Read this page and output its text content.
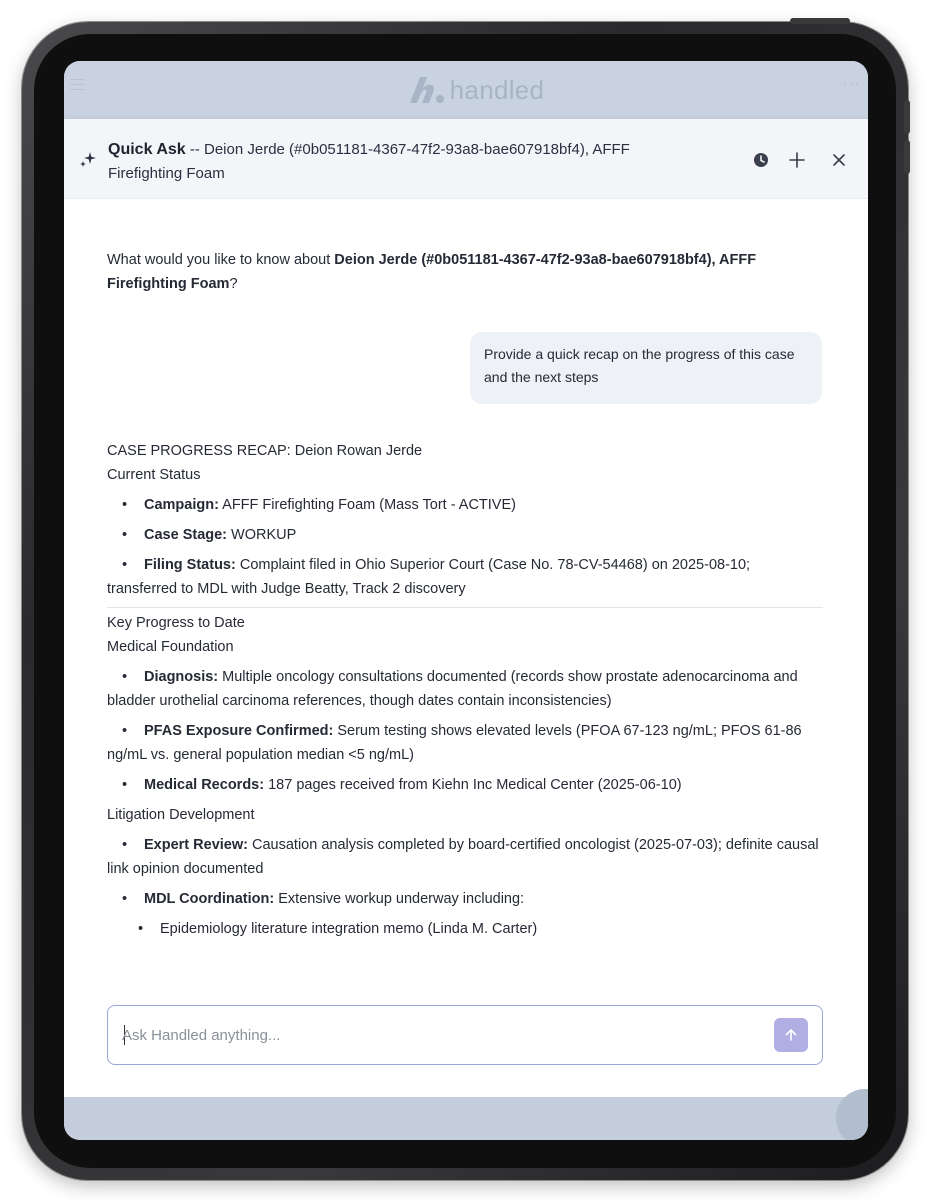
handled	···
Quick Ask -- Deion Jerde (#0b051181-4367-47f2-93a8-bae607918bf4), AFFF Firefighting Foam
What would you like to know about Deion Jerde (#0b051181-4367-47f2-93a8-bae607918bf4), AFFF Firefighting Foam?
Provide a quick recap on the progress of this case and the next steps
CASE PROGRESS RECAP: Deion Rowan Jerde
Current Status
• Campaign: AFFF Firefighting Foam (Mass Tort - ACTIVE)
• Case Stage: WORKUP
• Filing Status: Complaint filed in Ohio Superior Court (Case No. 78-CV-54468) on 2025-08-10; transferred to MDL with Judge Beatty, Track 2 discovery
Key Progress to Date
Medical Foundation
• Diagnosis: Multiple oncology consultations documented (records show prostate adenocarcinoma and bladder urothelial carcinoma references, though dates contain inconsistencies)
• PFAS Exposure Confirmed: Serum testing shows elevated levels (PFOA 67-123 ng/mL; PFOS 61-86 ng/mL vs. general population median <5 ng/mL)
• Medical Records: 187 pages received from Kiehn Inc Medical Center (2025-06-10)
Litigation Development
• Expert Review: Causation analysis completed by board-certified oncologist (2025-07-03); definite causal link opinion documented
• MDL Coordination: Extensive workup underway including:
• Epidemiology literature integration memo (Linda M. Carter)
Ask Handled anything...
